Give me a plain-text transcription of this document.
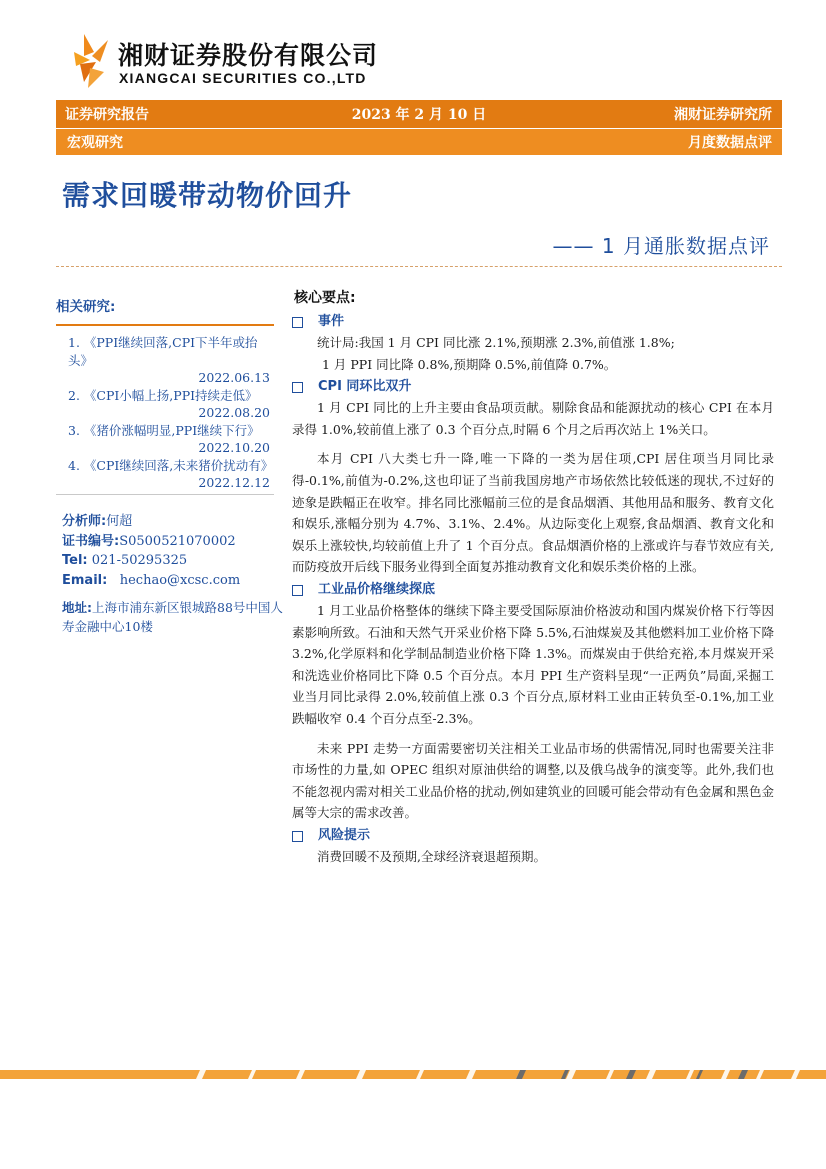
湘财证券股份有限公司
XIANGCAI SECURITIES CO.,LTD
证券研究报告	2023 年 2 月 10 日	湘财证券研究所
宏观研究	月度数据点评
需求回暖带动物价回升
—— 1 月通胀数据点评
相关研究:
1. 《PPI继续回落,CPI下半年或抬头》
2022.06.13
2. 《CPI小幅上扬,PPI持续走低》
2022.08.20
3. 《猪价涨幅明显,PPI继续下行》
2022.10.20
4. 《CPI继续回落,未来猪价扰动有》
2022.12.12
分析师:何超
证书编号:S0500521070002
Tel: 021-50295325
Email: hechao@xcsc.com
地址:上海市浦东新区银城路88号中国人寿金融中心10楼
核心要点:
事件

统计局:我国 1 月 CPI 同比涨 2.1%,预期涨 2.3%,前值涨 1.8%;

1 月 PPI 同比降 0.8%,预期降 0.5%,前值降 0.7%。

CPI 同环比双升

1 月 CPI 同比的上升主要由食品项贡献。剔除食品和能源扰动的核心 CPI 在本月录得 1.0%,较前值上涨了 0.3 个百分点,时隔 6 个月之后再次站上 1%关口。

本月 CPI 八大类七升一降,唯一下降的一类为居住项,CPI 居住项当月同比录得-0.1%,前值为-0.2%,这也印证了当前我国房地产市场依然比较低迷的现状,不过好的迹象是跌幅正在收窄。排名同比涨幅前三位的是食品烟酒、其他用品和服务、教育文化和娱乐,涨幅分别为 4.7%、3.1%、2.4%。从边际变化上观察,食品烟酒、教育文化和娱乐上涨较快,均较前值上升了 1 个百分点。食品烟酒价格的上涨或许与春节效应有关,而防疫放开后线下服务业得到全面复苏推动教育文化和娱乐类价格的上涨。

工业品价格继续探底

1 月工业品价格整体的继续下降主要受国际原油价格波动和国内煤炭价格下行等因素影响所致。石油和天然气开采业价格下降 5.5%,石油煤炭及其他燃料加工业价格下降 3.2%,化学原料和化学制品制造业价格下降 1.3%。而煤炭由于供给充裕,本月煤炭开采和洗选业价格同比下降 0.5 个百分点。本月 PPI 生产资料呈现“一正两负”局面,采掘工业当月同比录得 2.0%,较前值上涨 0.3 个百分点,原材料工业由正转负至-0.1%,加工业跌幅收窄 0.4 个百分点至-2.3%。

未来 PPI 走势一方面需要密切关注相关工业品市场的供需情况,同时也需要关注非市场性的力量,如 OPEC 组织对原油供给的调整,以及俄乌战争的演变等。此外,我们也不能忽视内需对相关工业品价格的扰动,例如建筑业的回暖可能会带动有色金属和黑色金属等大宗的需求改善。

风险提示

消费回暖不及预期,全球经济衰退超预期。
